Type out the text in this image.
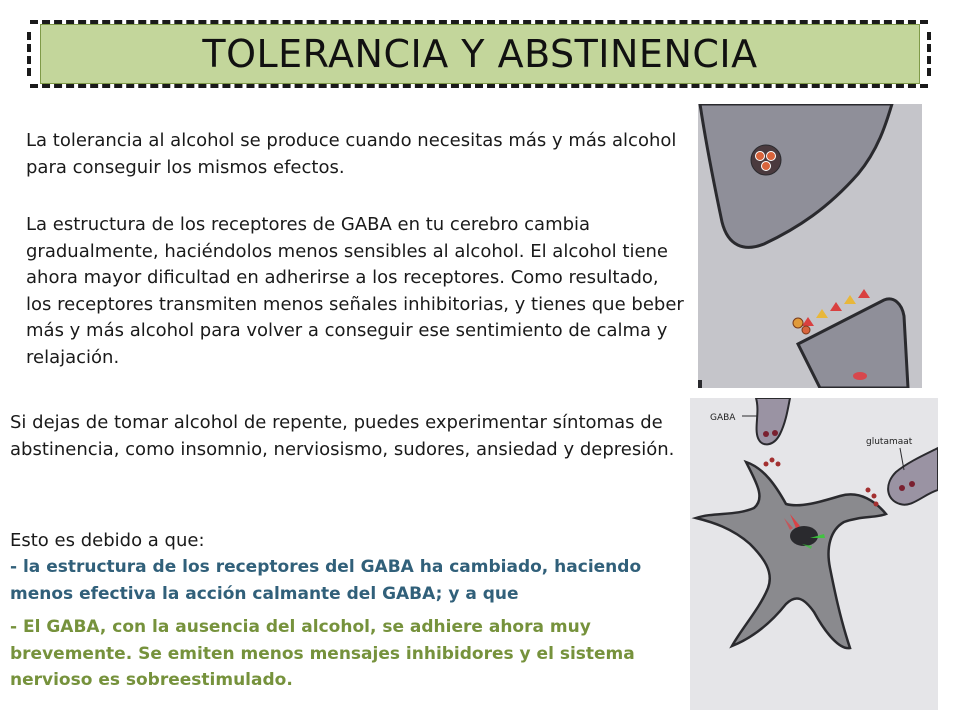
TOLERANCIA Y ABSTINENCIA

La tolerancia al alcohol se produce cuando necesitas más y más alcohol para conseguir los mismos efectos.

La estructura de los receptores de GABA en tu cerebro cambia gradualmente, haciéndolos menos sensibles al alcohol. El alcohol tiene ahora mayor dificultad en adherirse a los receptores. Como resultado, los receptores transmiten menos señales inhibitorias, y tienes que beber más y más alcohol para volver a conseguir ese sentimiento de calma y relajación.

Si dejas de tomar alcohol de repente, puedes experimentar síntomas de abstinencia, como insomnio, nerviosismo, sudores, ansiedad y depresión.

Esto es debido a que:

- la estructura de los receptores del GABA ha cambiado, haciendo menos efectiva la acción calmante del GABA; y a que

- El GABA, con la ausencia del alcohol, se adhiere ahora muy brevemente. Se emiten menos mensajes inhibidores y el sistema nervioso es sobreestimulado.

GABA
glutamaat
